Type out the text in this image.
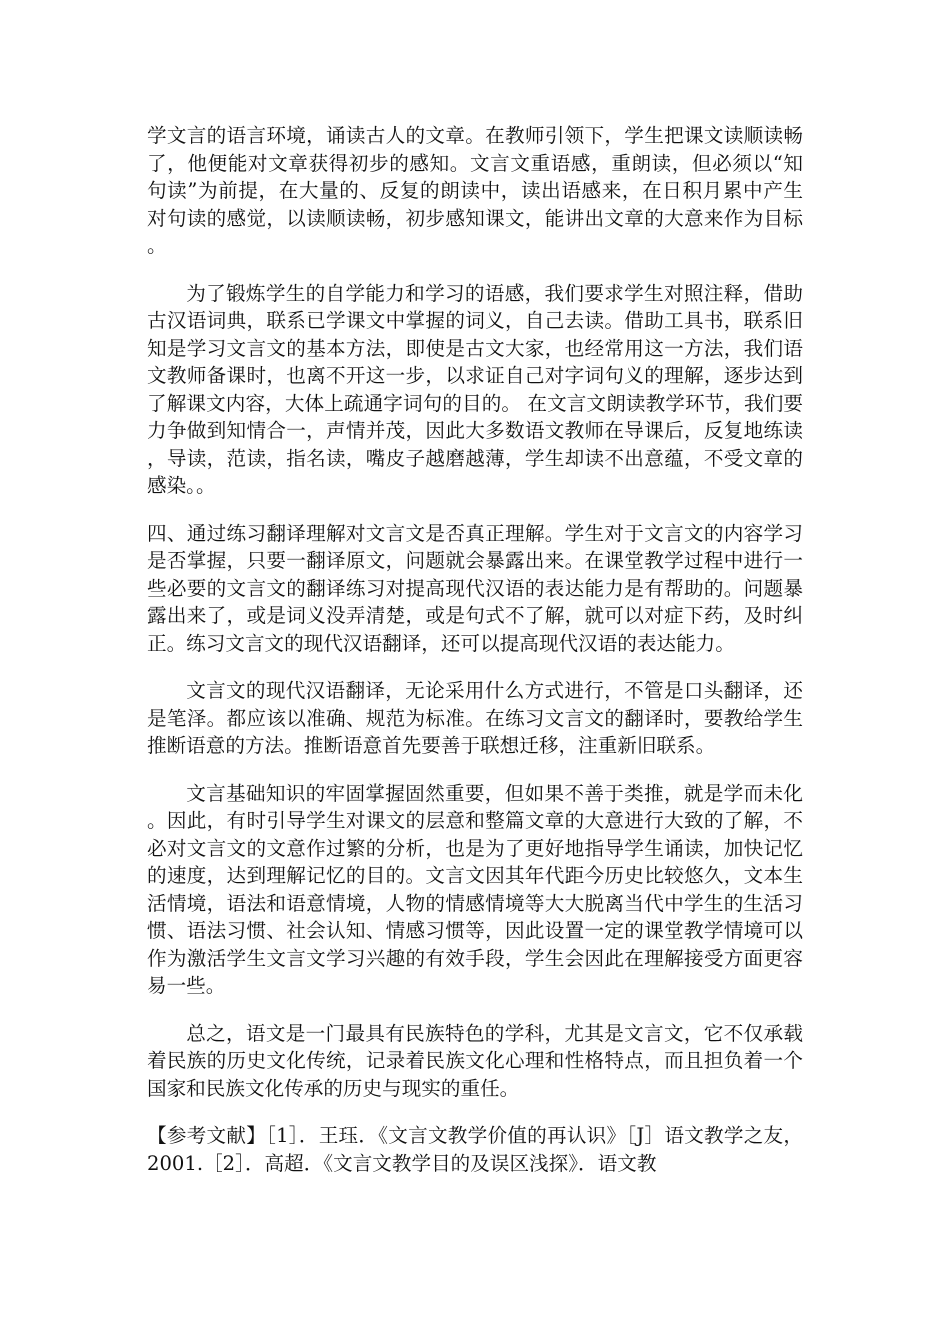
学文言的语言环境，诵读古人的文章。在教师引领下，学生把课文读顺读畅了，他便能对文章获得初步的感知。文言文重语感，重朗读，但必须以“知句读”为前提，在大量的、反复的朗读中，读出语感来，在日积月累中产生对句读的感觉，以读顺读畅，初步感知课文，能讲出文章的大意来作为目标。

为了锻炼学生的自学能力和学习的语感，我们要求学生对照注释，借助古汉语词典，联系已学课文中掌握的词义，自己去读。借助工具书，联系旧知是学习文言文的基本方法，即使是古文大家，也经常用这一方法，我们语文教师备课时，也离不开这一步，以求证自己对字词句义的理解，逐步达到了解课文内容，大体上疏通字词句的目的。 在文言文朗读教学环节，我们要力争做到知情合一，声情并茂，因此大多数语文教师在导课后，反复地练读，导读，范读，指名读，嘴皮子越磨越薄，学生却读不出意蕴，不受文章的感染。。

四、通过练习翻译理解对文言文是否真正理解。学生对于文言文的内容学习是否掌握，只要一翻译原文，问题就会暴露出来。在课堂教学过程中进行一些必要的文言文的翻译练习对提高现代汉语的表达能力是有帮助的。问题暴露出来了，或是词义没弄清楚，或是句式不了解，就可以对症下药，及时纠正。练习文言文的现代汉语翻译，还可以提高现代汉语的表达能力。

文言文的现代汉语翻译，无论采用什么方式进行，不管是口头翻译，还是笔泽。都应该以准确、规范为标准。在练习文言文的翻译时，要教给学生推断语意的方法。推断语意首先要善于联想迁移，注重新旧联系。

文言基础知识的牢固掌握固然重要，但如果不善于类推，就是学而未化。因此，有时引导学生对课文的层意和整篇文章的大意进行大致的了解，不必对文言文的文意作过繁的分析，也是为了更好地指导学生诵读，加快记忆的速度，达到理解记忆的目的。文言文因其年代距今历史比较悠久，文本生活情境，语法和语意情境，人物的情感情境等大大脱离当代中学生的生活习惯、语法习惯、社会认知、情感习惯等，因此设置一定的课堂教学情境可以作为激活学生文言文学习兴趣的有效手段，学生会因此在理解接受方面更容易一些。

总之，语文是一门最具有民族特色的学科，尤其是文言文，它不仅承载着民族的历史文化传统，记录着民族文化心理和性格特点，而且担负着一个国家和民族文化传承的历史与现实的重任。

【参考文献】［1］．王珏．《文言文教学价值的再认识》［J］语文教学之友，2001.［2］．高超．《文言文教学目的及误区浅探》．语文教
